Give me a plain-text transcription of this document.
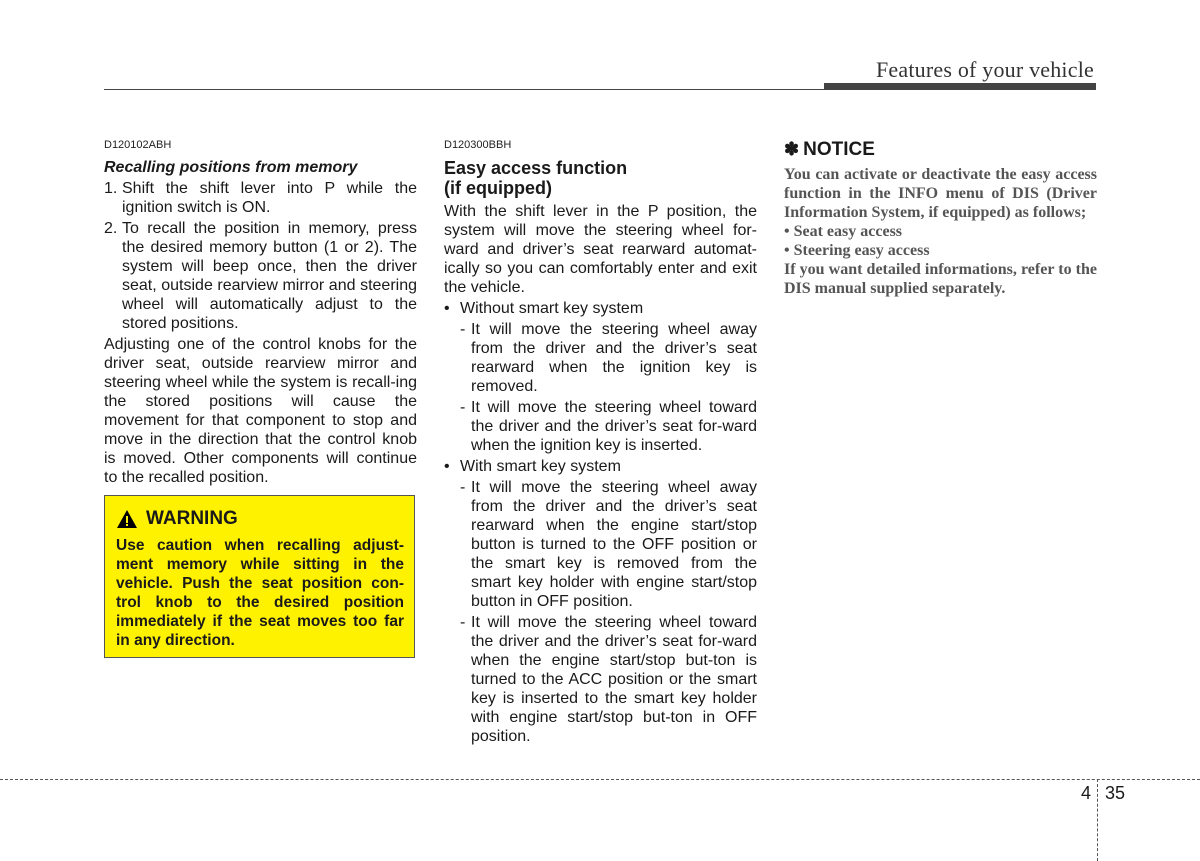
Features of your vehicle
D120102ABH
Recalling positions from memory
1. Shift the shift lever into P while the ignition switch is ON.
2. To recall the position in memory, press the desired memory button (1 or 2). The system will beep once, then the driver seat, outside rearview mirror and steering wheel will automatically adjust to the stored positions.

Adjusting one of the control knobs for the driver seat, outside rearview mirror and steering wheel while the system is recall-ing the stored positions will cause the movement for that component to stop and move in the direction that the control knob is moved. Other components will continue to the recalled position.

WARNING
Use caution when recalling adjust-ment memory while sitting in the vehicle. Push the seat position con-trol knob to the desired position immediately if the seat moves too far in any direction.
D120300BBH
Easy access function
(if equipped)

With the shift lever in the P position, the system will move the steering wheel for-ward and driver’s seat rearward automat-ically so you can comfortably enter and exit the vehicle.

• Without smart key system
- It will move the steering wheel away from the driver and the driver’s seat rearward when the ignition key is removed.
- It will move the steering wheel toward the driver and the driver’s seat for-ward when the ignition key is inserted.
• With smart key system
- It will move the steering wheel away from the driver and the driver’s seat rearward when the engine start/stop button is turned to the OFF position or the smart key is removed from the smart key holder with engine start/stop button in OFF position.
- It will move the steering wheel toward the driver and the driver’s seat for-ward when the engine start/stop but-ton is turned to the ACC position or the smart key is inserted to the smart key holder with engine start/stop but-ton in OFF position.
✽ NOTICE
You can activate or deactivate the easy access function in the INFO menu of DIS (Driver Information System, if equipped) as follows;
• Seat easy access
• Steering easy access
If you want detailed informations, refer to the DIS manual supplied separately.
4 35
